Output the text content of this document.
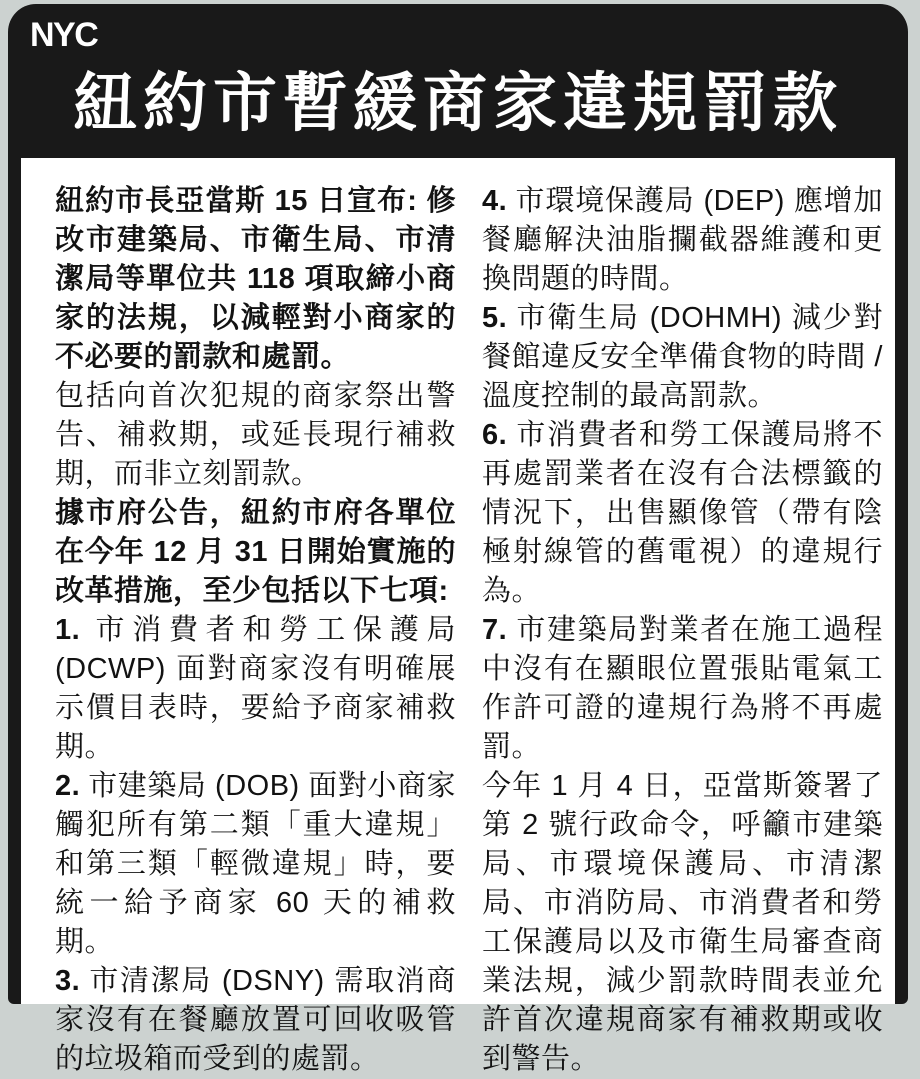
NYC
紐約市暫緩商家違規罰款

紐約市長亞當斯 15 日宣布: 修改市建築局、市衛生局、市清潔局等單位共 118 項取締小商家的法規，以減輕對小商家的不必要的罰款和處罰。

包括向首次犯規的商家祭出警告、補救期，或延長現行補救期，而非立刻罰款。

據市府公告，紐約市府各單位在今年 12 月 31 日開始實施的改革措施，至少包括以下七項:

1. 市消費者和勞工保護局 (DCWP) 面對商家沒有明確展示價目表時，要給予商家補救期。

2. 市建築局 (DOB) 面對小商家觸犯所有第二類「重大違規」和第三類「輕微違規」時，要統一給予商家 60 天的補救期。

3. 市清潔局 (DSNY) 需取消商家沒有在餐廳放置可回收吸管的垃圾箱而受到的處罰。

4. 市環境保護局 (DEP) 應增加餐廳解決油脂攔截器維護和更換問題的時間。

5. 市衛生局 (DOHMH) 減少對餐館違反安全準備食物的時間 / 溫度控制的最高罰款。

6. 市消費者和勞工保護局將不再處罰業者在沒有合法標籤的情況下，出售顯像管（帶有陰極射線管的舊電視）的違規行為。

7. 市建築局對業者在施工過程中沒有在顯眼位置張貼電氣工作許可證的違規行為將不再處罰。

今年 1 月 4 日，亞當斯簽署了第 2 號行政命令，呼籲市建築局、市環境保護局、市清潔局、市消防局、市消費者和勞工保護局以及市衛生局審查商業法規，減少罰款時間表並允許首次違規商家有補救期或收到警告。
